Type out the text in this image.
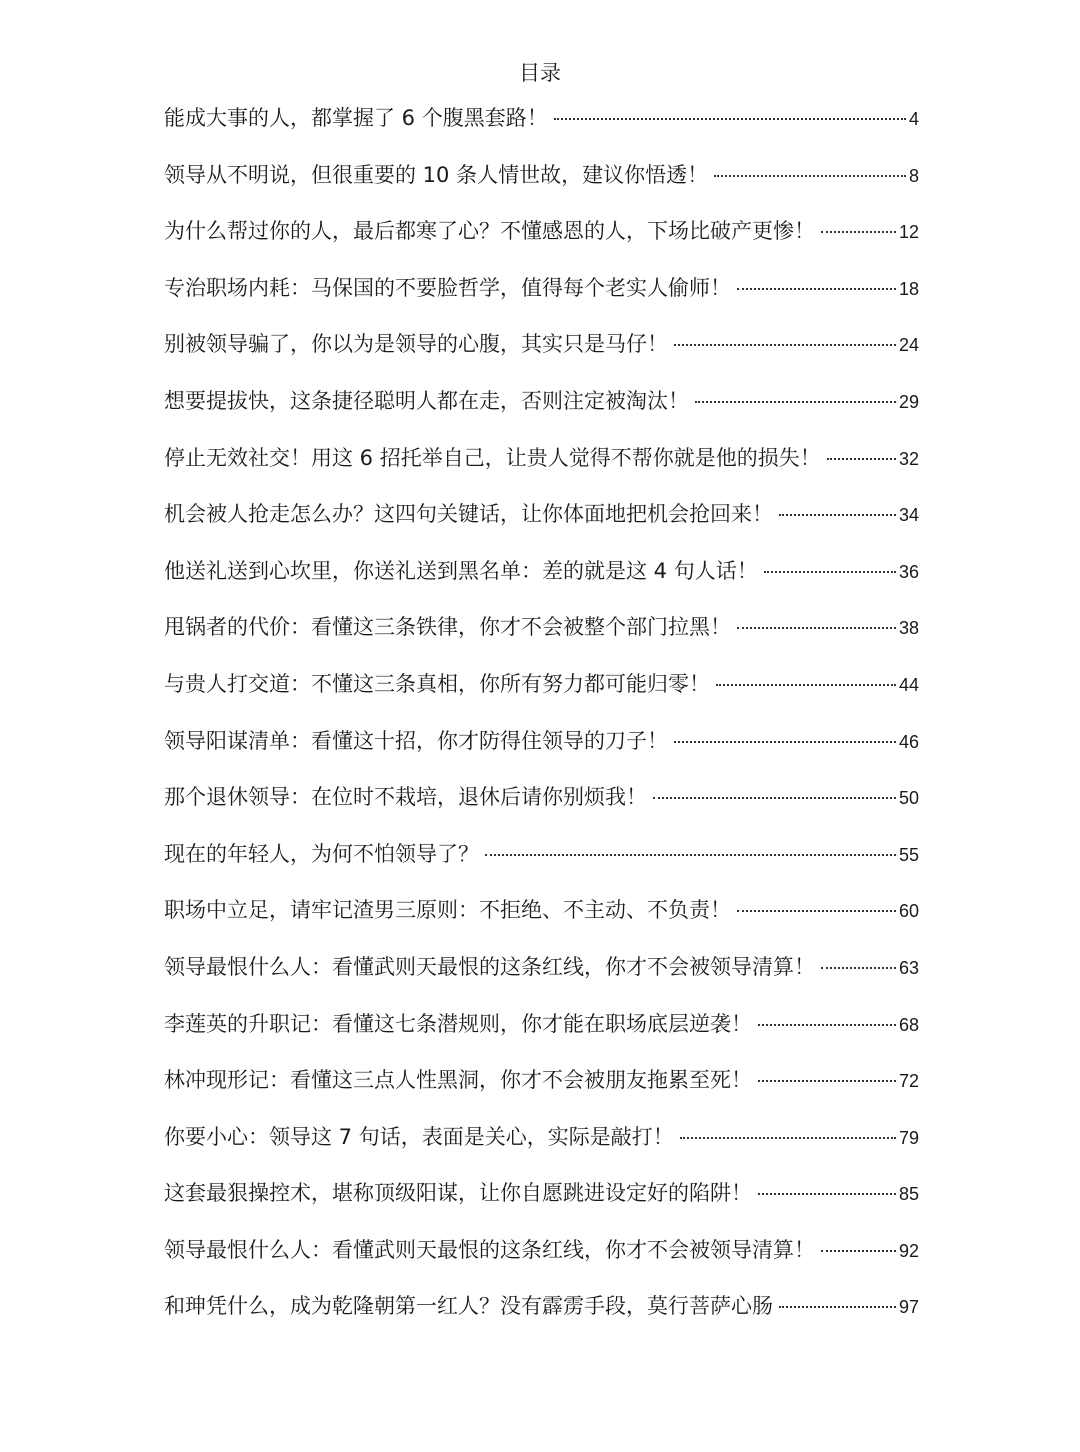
目录
能成大事的人，都掌握了 6 个腹黑套路！	4
领导从不明说，但很重要的 10 条人情世故，建议你悟透！	8
为什么帮过你的人，最后都寒了心？不懂感恩的人，下场比破产更惨！	12
专治职场内耗：马保国的不要脸哲学，值得每个老实人偷师！	18
别被领导骗了，你以为是领导的心腹，其实只是马仔！	24
想要提拔快，这条捷径聪明人都在走，否则注定被淘汰！	29
停止无效社交！用这 6 招托举自己，让贵人觉得不帮你就是他的损失！	32
机会被人抢走怎么办？这四句关键话，让你体面地把机会抢回来！	34
他送礼送到心坎里，你送礼送到黑名单：差的就是这 4 句人话！	36
甩锅者的代价：看懂这三条铁律，你才不会被整个部门拉黑！	38
与贵人打交道：不懂这三条真相，你所有努力都可能归零！	44
领导阳谋清单：看懂这十招，你才防得住领导的刀子！	46
那个退休领导：在位时不栽培，退休后请你别烦我！	50
现在的年轻人，为何不怕领导了？	55
职场中立足，请牢记渣男三原则：不拒绝、不主动、不负责！	60
领导最恨什么人：看懂武则天最恨的这条红线，你才不会被领导清算！	63
李莲英的升职记：看懂这七条潜规则，你才能在职场底层逆袭！	68
林冲现形记：看懂这三点人性黑洞，你才不会被朋友拖累至死！	72
你要小心：领导这 7 句话，表面是关心，实际是敲打！	79
这套最狠操控术，堪称顶级阳谋，让你自愿跳进设定好的陷阱！	85
领导最恨什么人：看懂武则天最恨的这条红线，你才不会被领导清算！	92
和珅凭什么，成为乾隆朝第一红人？没有霹雳手段，莫行菩萨心肠	97
